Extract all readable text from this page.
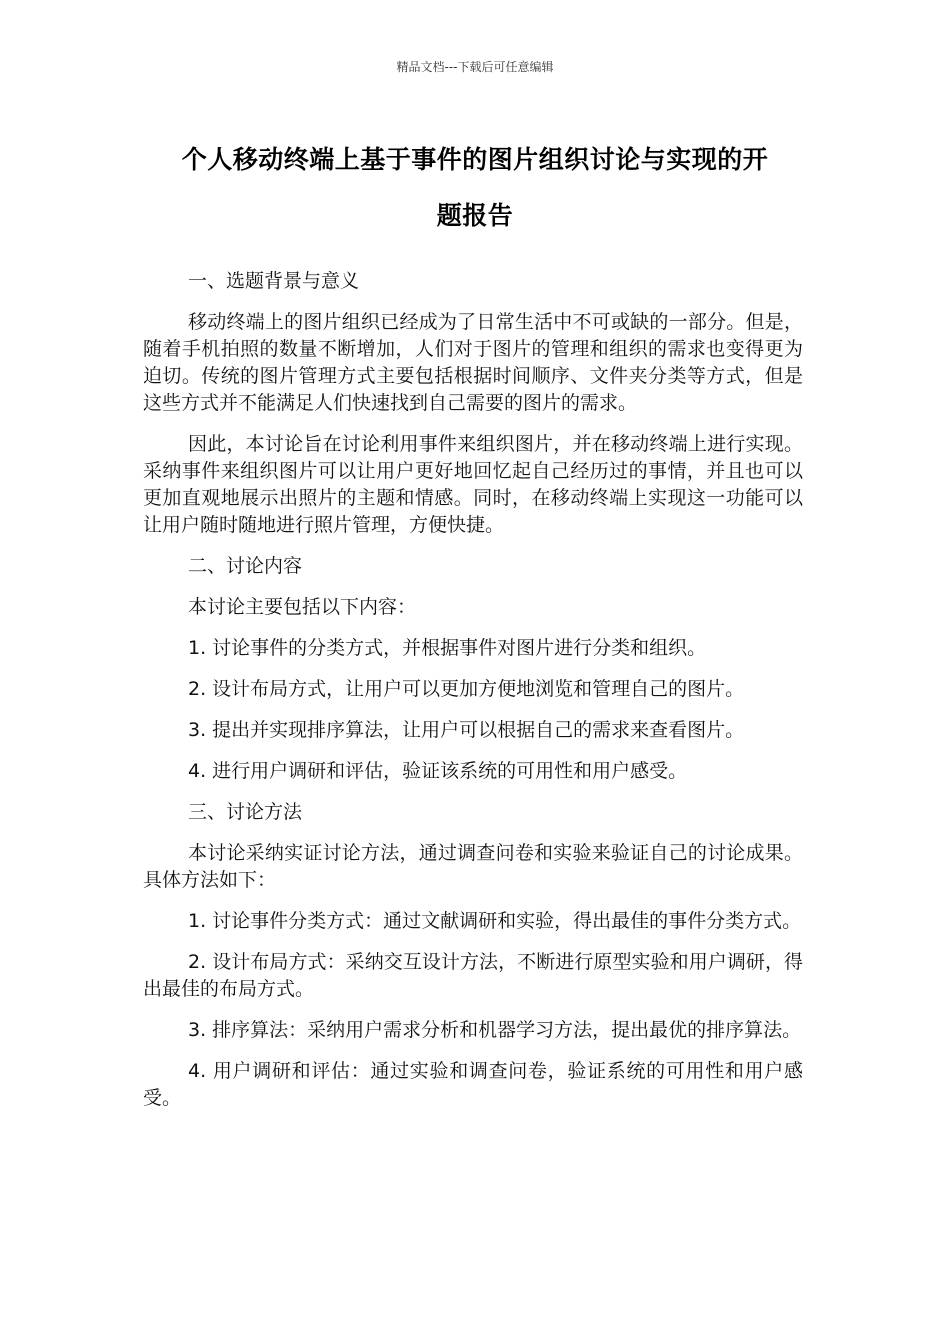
精品文档---下载后可任意编辑
个人移动终端上基于事件的图片组织讨论与实现的开
题报告

一、选题背景与意义

移动终端上的图片组织已经成为了日常生活中不可或缺的一部分。但是，随着手机拍照的数量不断增加，人们对于图片的管理和组织的需求也变得更为迫切。传统的图片管理方式主要包括根据时间顺序、文件夹分类等方式，但是这些方式并不能满足人们快速找到自己需要的图片的需求。

因此，本讨论旨在讨论利用事件来组织图片，并在移动终端上进行实现。采纳事件来组织图片可以让用户更好地回忆起自己经历过的事情，并且也可以更加直观地展示出照片的主题和情感。同时，在移动终端上实现这一功能可以让用户随时随地进行照片管理，方便快捷。

二、讨论内容

本讨论主要包括以下内容：

1. 讨论事件的分类方式，并根据事件对图片进行分类和组织。

2. 设计布局方式，让用户可以更加方便地浏览和管理自己的图片。

3. 提出并实现排序算法，让用户可以根据自己的需求来查看图片。

4. 进行用户调研和评估，验证该系统的可用性和用户感受。

三、讨论方法

本讨论采纳实证讨论方法，通过调查问卷和实验来验证自己的讨论成果。具体方法如下：

1. 讨论事件分类方式：通过文献调研和实验，得出最佳的事件分类方式。

2. 设计布局方式：采纳交互设计方法，不断进行原型实验和用户调研，得出最佳的布局方式。

3. 排序算法：采纳用户需求分析和机器学习方法，提出最优的排序算法。

4. 用户调研和评估：通过实验和调查问卷，验证系统的可用性和用户感受。
